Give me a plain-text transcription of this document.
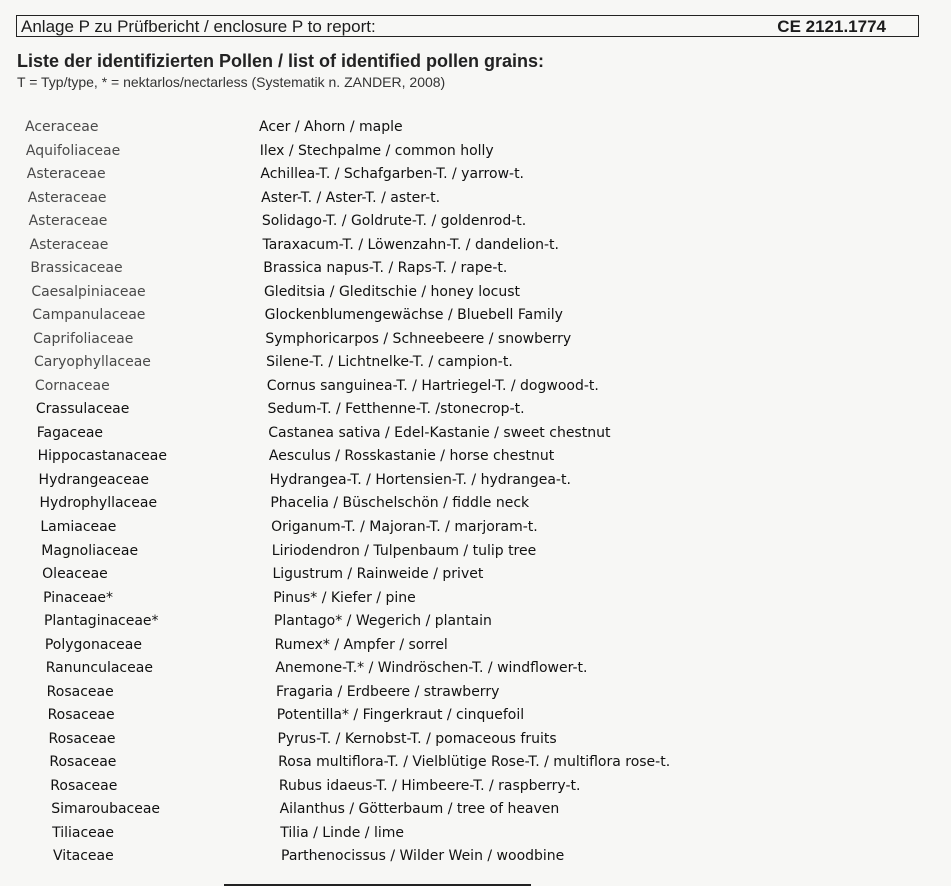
Anlage P zu Prüfbericht / enclosure P to report:	CE 2121.1774
Liste der identifizierten Pollen / list of identified pollen grains:
T = Typ/type, * = nektarlos/nectarless (Systematik n. ZANDER, 2008)
Aceraceae	Acer / Ahorn / maple
Aquifoliaceae	Ilex / Stechpalme / common holly
Asteraceae	Achillea-T. / Schafgarben-T. / yarrow-t.
Asteraceae	Aster-T. / Aster-T. / aster-t.
Asteraceae	Solidago-T. / Goldrute-T. / goldenrod-t.
Asteraceae	Taraxacum-T. / Löwenzahn-T. / dandelion-t.
Brassicaceae	Brassica napus-T. / Raps-T. / rape-t.
Caesalpiniaceae	Gleditsia / Gleditschie / honey locust
Campanulaceae	Glockenblumengewächse / Bluebell Family
Caprifoliaceae	Symphoricarpos / Schneebeere / snowberry
Caryophyllaceae	Silene-T. / Lichtnelke-T. / campion-t.
Cornaceae	Cornus sanguinea-T. / Hartriegel-T. / dogwood-t.
Crassulaceae	Sedum-T. / Fetthenne-T. /stonecrop-t.
Fagaceae	Castanea sativa / Edel-Kastanie / sweet chestnut
Hippocastanaceae	Aesculus / Rosskastanie / horse chestnut
Hydrangeaceae	Hydrangea-T. / Hortensien-T. / hydrangea-t.
Hydrophyllaceae	Phacelia / Büschelschön / fiddle neck
Lamiaceae	Origanum-T. / Majoran-T. / marjoram-t.
Magnoliaceae	Liriodendron / Tulpenbaum / tulip tree
Oleaceae	Ligustrum / Rainweide / privet
Pinaceae*	Pinus* / Kiefer / pine
Plantaginaceae*	Plantago* / Wegerich / plantain
Polygonaceae	Rumex* / Ampfer / sorrel
Ranunculaceae	Anemone-T.* / Windröschen-T. / windflower-t.
Rosaceae	Fragaria / Erdbeere / strawberry
Rosaceae	Potentilla* / Fingerkraut / cinquefoil
Rosaceae	Pyrus-T. / Kernobst-T. / pomaceous fruits
Rosaceae	Rosa multiflora-T. / Vielblütige Rose-T. / multiflora rose-t.
Rosaceae	Rubus idaeus-T. / Himbeere-T. / raspberry-t.
Simaroubaceae	Ailanthus / Götterbaum / tree of heaven
Tiliaceae	Tilia / Linde / lime
Vitaceae	Parthenocissus / Wilder Wein / woodbine
